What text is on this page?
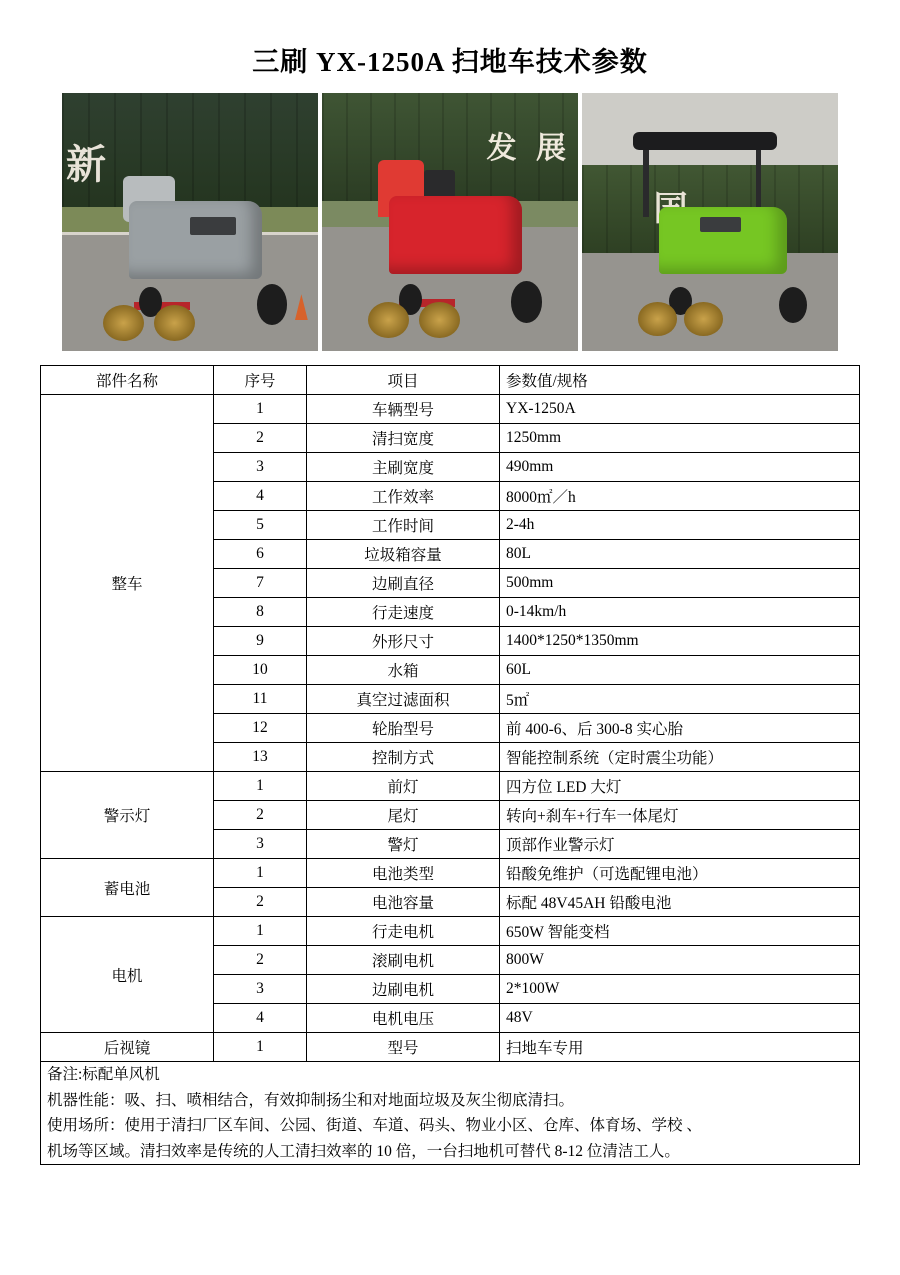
三刷 YX-1250A 扫地车技术参数
新
发 展
国
部件名称	序号	项目	参数值/规格
整车	1	车辆型号	YX-1250A
	2	清扫宽度	1250mm
	3	主刷宽度	490mm
	4	工作效率	8000㎡／h
	5	工作时间	2-4h
	6	垃圾箱容量	80L
	7	边刷直径	500mm
	8	行走速度	0-14km/h
	9	外形尺寸	1400*1250*1350mm
	10	水箱	60L
	11	真空过滤面积	5㎡
	12	轮胎型号	前 400-6、后 300-8 实心胎
	13	控制方式	智能控制系统（定时震尘功能）
警示灯	1	前灯	四方位 LED 大灯
	2	尾灯	转向+刹车+行车一体尾灯
	3	警灯	顶部作业警示灯
蓄电池	1	电池类型	铅酸免维护（可选配锂电池）
	2	电池容量	标配 48V45AH 铅酸电池
电机	1	行走电机	650W 智能变档
	2	滚刷电机	800W
	3	边刷电机	2*100W
	4	电机电压	48V
后视镜	1	型号	扫地车专用

备注:标配单风机
机器性能：吸、扫、喷相结合，有效抑制扬尘和对地面垃圾及灰尘彻底清扫。
使用场所：使用于清扫厂区车间、公园、街道、车道、码头、物业小区、仓库、体育场、学校 、
机场等区域。清扫效率是传统的人工清扫效率的 10 倍，一台扫地机可替代 8-12 位清洁工人。			
